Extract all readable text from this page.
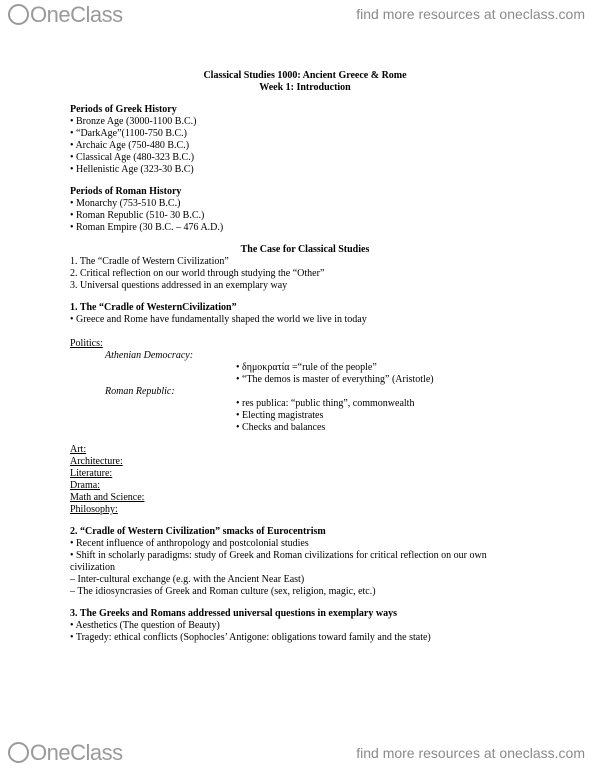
OneClass	find more resources at oneclass.com
Classical Studies 1000: Ancient Greece & Rome
Week 1: Introduction
Periods of Greek History
• Bronze Age (3000-1100 B.C.)
• “DarkAge”(1100-750 B.C.)
• Archaic Age (750-480 B.C.)
• Classical Age (480-323 B.C.)
• Hellenistic Age (323-30 B.C)
Periods of Roman History
• Monarchy (753-510 B.C.)
• Roman Republic (510- 30 B.C.)
• Roman Empire (30 B.C. – 476 A.D.)
The Case for Classical Studies
1. The “Cradle of Western Civilization”
2. Critical reflection on our world through studying the “Other”
3. Universal questions addressed in an exemplary way
1. The “Cradle of WesternCivilization”
• Greece and Rome have fundamentally shaped the world we live in today
Politics:
Athenian Democracy:
• δημοκρατία =“rule of the people”
• “The demos is master of everything” (Aristotle)
Roman Republic:
• res publica: “public thing”, commonwealth
• Electing magistrates
• Checks and balances
Art:
Architecture:
Literature:
Drama:
Math and Science:
Philosophy:
2. “Cradle of Western Civilization” smacks of Eurocentrism
• Recent influence of anthropology and postcolonial studies
• Shift in scholarly paradigms: study of Greek and Roman civilizations for critical reflection on our own
civilization
– Inter-cultural exchange (e.g. with the Ancient Near East)
– The idiosyncrasies of Greek and Roman culture (sex, religion, magic, etc.)
3. The Greeks and Romans addressed universal questions in exemplary ways
• Aesthetics (The question of Beauty)
• Tragedy: ethical conflicts (Sophocles’ Antigone: obligations toward family and the state)
OneClass	find more resources at oneclass.com
